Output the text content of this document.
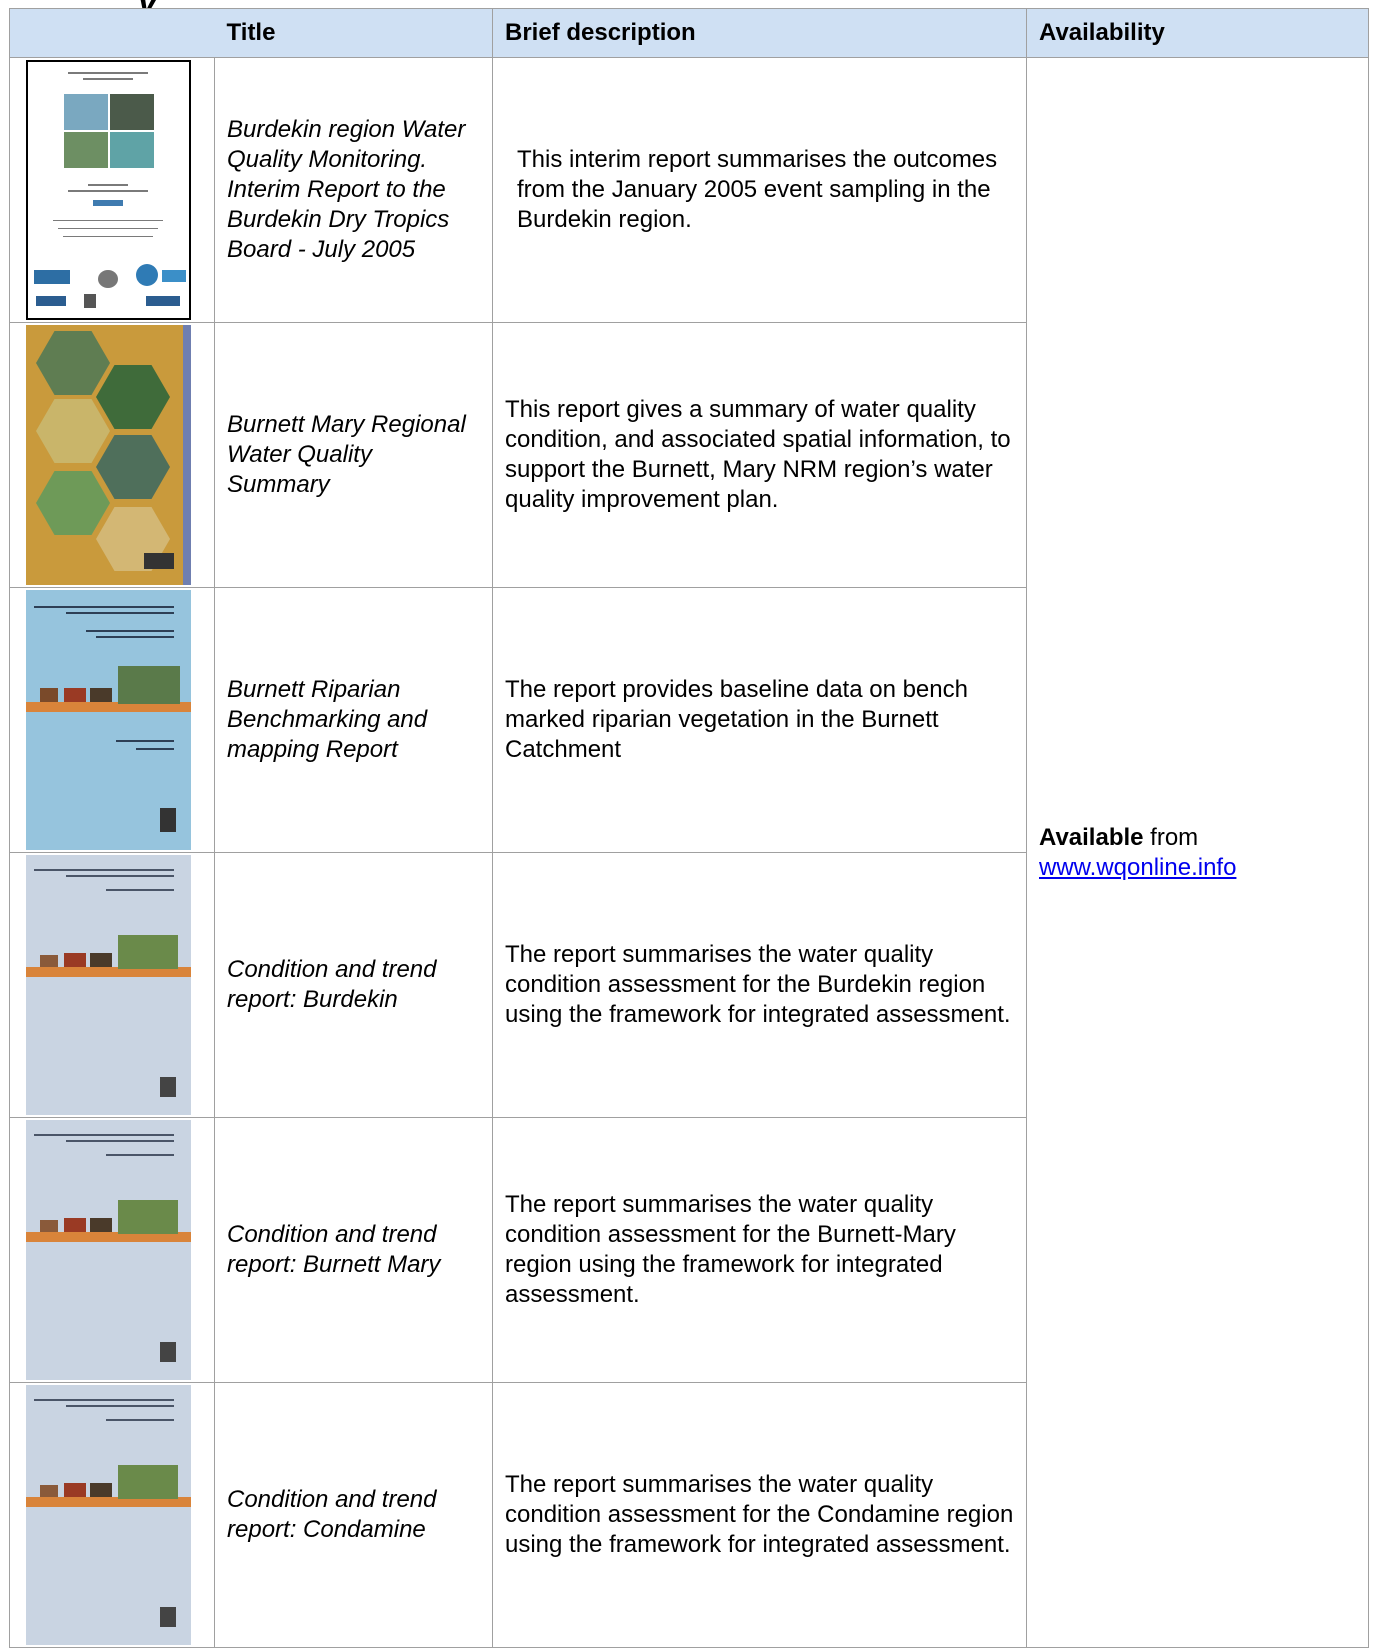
Title		Brief description	Availability

	Burdekin region Water Quality Monitoring. Interim Report to the Burdekin Dry Tropics Board - July 2005	This interim report summarises the outcomes from the January 2005 event sampling in the Burdekin region.	Available from
www.wqonline.info

	Burnett Mary Regional Water Quality Summary	This report gives a summary of water quality condition, and associated spatial information, to support the Burnett, Mary NRM region’s water quality improvement plan.	

	Burnett Riparian Benchmarking and mapping Report	The report provides baseline data on bench marked riparian vegetation in the Burnett Catchment	

	Condition and trend report: Burdekin	The report summarises the water quality condition assessment for the Burdekin region using the framework for integrated assessment.	

	Condition and trend report: Burnett Mary	The report summarises the water quality condition assessment for the Burnett-Mary region using the framework for integrated assessment.	

	Condition and trend report: Condamine	The report summarises the water quality condition assessment for the Condamine region using the framework for integrated assessment.	
